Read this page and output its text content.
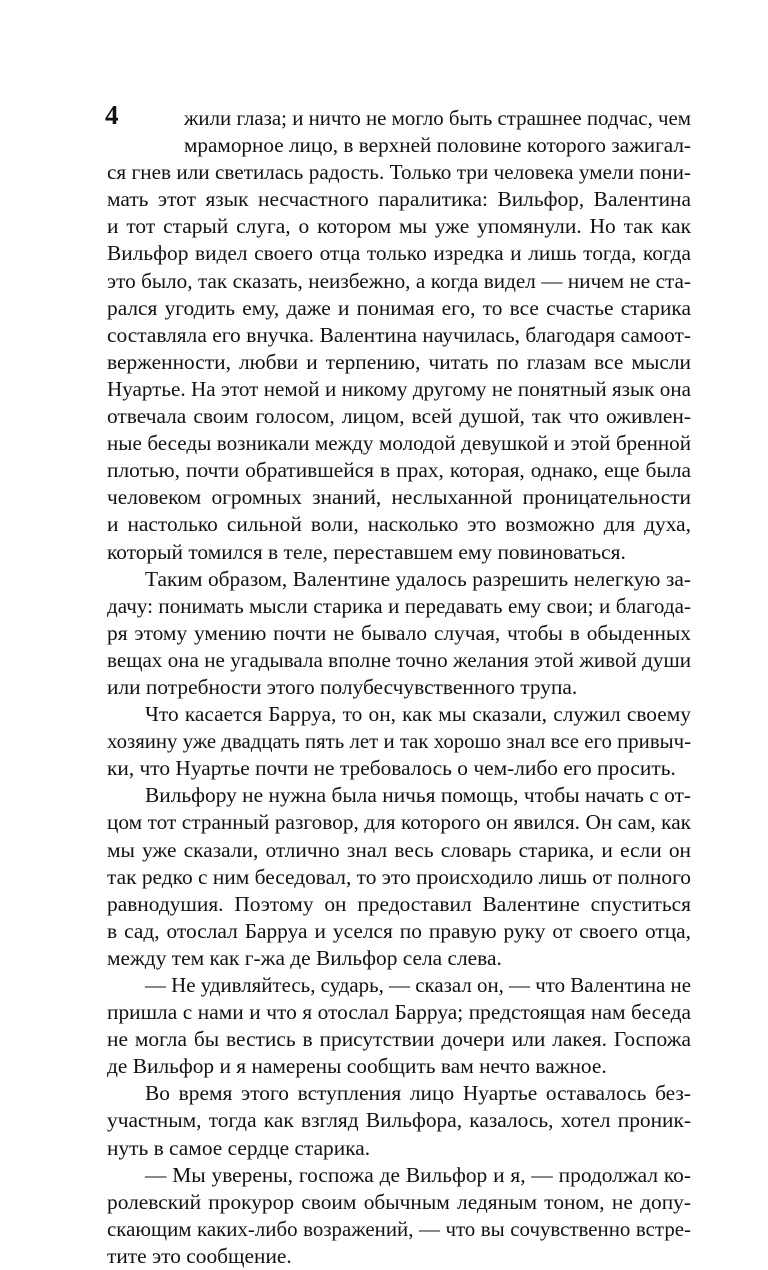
4	жили глаза; и ничто не могло быть страшнее подчас, чем
мраморное лицо, в верхней половине которого зажигал-
ся гнев или светилась радость. Только три человека умели пони-
мать этот язык несчастного паралитика: Вильфор, Валентина
и тот старый слуга, о котором мы уже упомянули. Но так как
Вильфор видел своего отца только изредка и лишь тогда, когда
это было, так сказать, неизбежно, а когда видел — ничем не ста-
рался угодить ему, даже и понимая его, то все счастье старика
составляла его внучка. Валентина научилась, благодаря самоот-
верженности, любви и терпению, читать по глазам все мысли
Нуартье. На этот немой и никому другому не понятный язык она
отвечала своим голосом, лицом, всей душой, так что оживлен-
ные беседы возникали между молодой девушкой и этой бренной
плотью, почти обратившейся в прах, которая, однако, еще была
человеком огромных знаний, неслыханной проницательности
и настолько сильной воли, насколько это возможно для духа,
который томился в теле, переставшем ему повиноваться.
Таким образом, Валентине удалось разрешить нелегкую за-
дачу: понимать мысли старика и передавать ему свои; и благода-
ря этому умению почти не бывало случая, чтобы в обыденных
вещах она не угадывала вполне точно желания этой живой души
или потребности этого полубесчувственного трупа.
Что касается Барруа, то он, как мы сказали, служил своему
хозяину уже двадцать пять лет и так хорошо знал все его привыч-
ки, что Нуартье почти не требовалось о чем-либо его просить.
Вильфору не нужна была ничья помощь, чтобы начать с от-
цом тот странный разговор, для которого он явился. Он сам, как
мы уже сказали, отлично знал весь словарь старика, и если он
так редко с ним беседовал, то это происходило лишь от полного
равнодушия. Поэтому он предоставил Валентине спуститься
в сад, отослал Барруа и уселся по правую руку от своего отца,
между тем как г-жа де Вильфор села слева.
— Не удивляйтесь, сударь, — сказал он, — что Валентина не
пришла с нами и что я отослал Барруа; предстоящая нам беседа
не могла бы вестись в присутствии дочери или лакея. Госпожа
де Вильфор и я намерены сообщить вам нечто важное.
Во время этого вступления лицо Нуартье оставалось без-
участным, тогда как взгляд Вильфора, казалось, хотел проник-
нуть в самое сердце старика.
— Мы уверены, госпожа де Вильфор и я, — продолжал ко-
ролевский прокурор своим обычным ледяным тоном, не допу-
скающим каких-либо возражений, — что вы сочувственно встре-
тите это сообщение.
